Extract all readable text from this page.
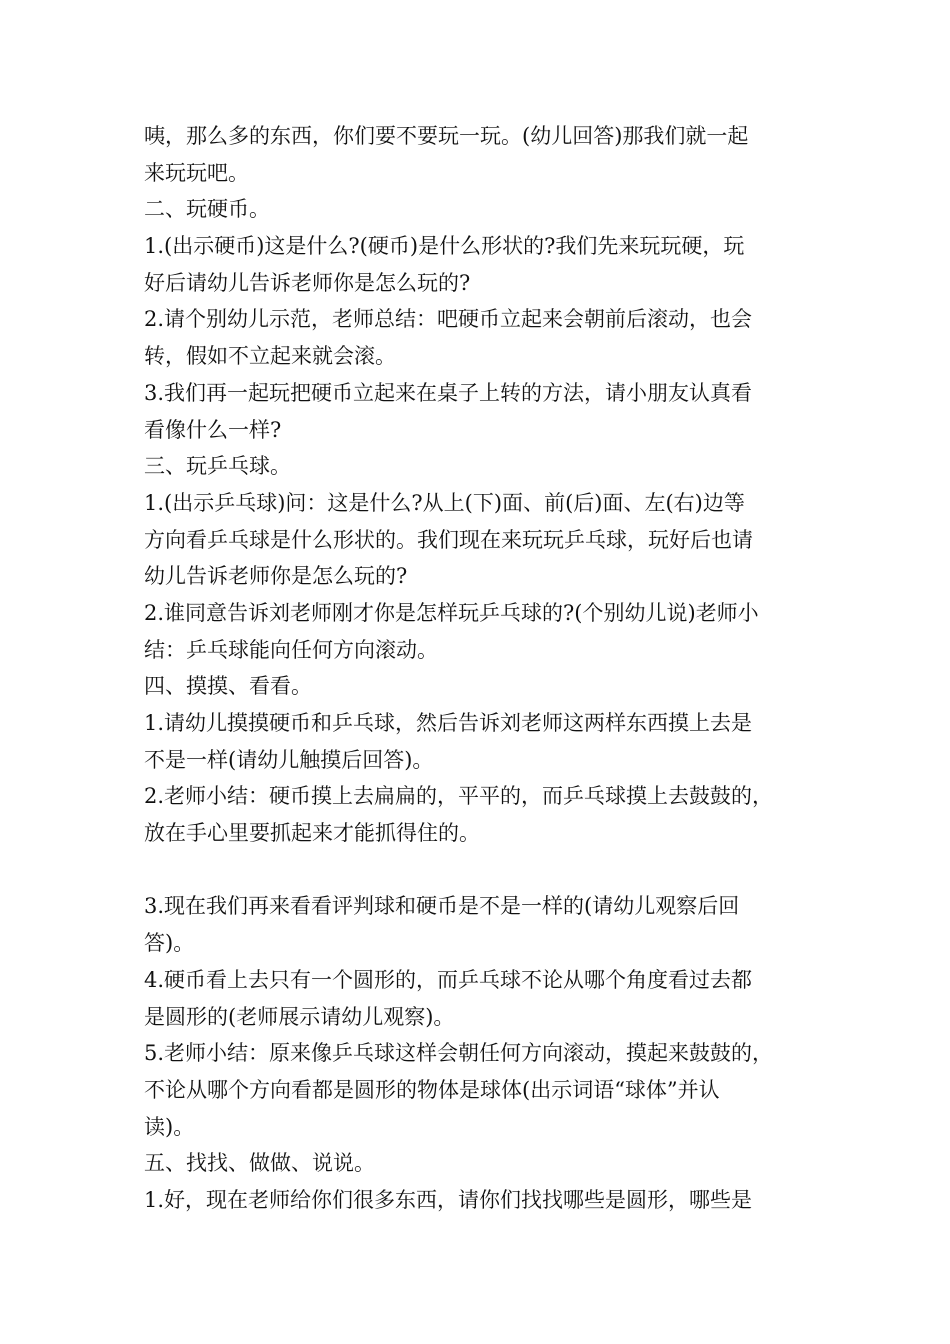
咦，那么多的东西，你们要不要玩一玩。(幼儿回答)那我们就一起
来玩玩吧。
二、玩硬币。
1.(出示硬币)这是什么?(硬币)是什么形状的?我们先来玩玩硬，玩
好后请幼儿告诉老师你是怎么玩的?
2.请个别幼儿示范，老师总结：吧硬币立起来会朝前后滚动，也会
转，假如不立起来就会滚。
3.我们再一起玩把硬币立起来在桌子上转的方法，请小朋友认真看
看像什么一样?
三、玩乒乓球。
1.(出示乒乓球)问：这是什么?从上(下)面、前(后)面、左(右)边等
方向看乒乓球是什么形状的。我们现在来玩玩乒乓球，玩好后也请
幼儿告诉老师你是怎么玩的?
2.谁同意告诉刘老师刚才你是怎样玩乒乓球的?(个别幼儿说)老师小
结：乒乓球能向任何方向滚动。
四、摸摸、看看。
1.请幼儿摸摸硬币和乒乓球，然后告诉刘老师这两样东西摸上去是
不是一样(请幼儿触摸后回答)。
2.老师小结：硬币摸上去扁扁的，平平的，而乒乓球摸上去鼓鼓的，
放在手心里要抓起来才能抓得住的。
3.现在我们再来看看评判球和硬币是不是一样的(请幼儿观察后回
答)。
4.硬币看上去只有一个圆形的，而乒乓球不论从哪个角度看过去都
是圆形的(老师展示请幼儿观察)。
5.老师小结：原来像乒乓球这样会朝任何方向滚动，摸起来鼓鼓的，
不论从哪个方向看都是圆形的物体是球体(出示词语“球体”并认
读)。
五、找找、做做、说说。
1.好，现在老师给你们很多东西，请你们找找哪些是圆形，哪些是
